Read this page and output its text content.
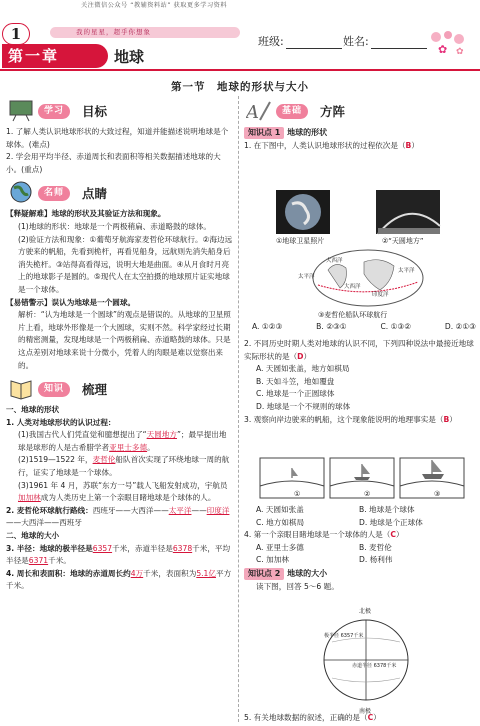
关注微信公众号 “教辅资料站” 获取更多学习资料
1	我的星星，超乎你想象
班级:	姓名:
✿ ✿
第一章	地球
第一节　地球的形状与大小
学习	目标

1. 了解人类认识地球形状的大致过程，知道并能描述说明地球是个球体。(难点)

2. 学会用平均半径、赤道周长和表面积等相关数据描述地球的大小。(重点)

名师	点睛

【释疑解难】地球的形状及其验证方法和现象。

(1)地球的形状：地球是一个两极稍扁、赤道略鼓的球体。

(2)验证方法和现象：①葡萄牙航海家麦哲伦环球航行。②海边远方驶来的帆船，先看到桅杆，再看见船身，远航则先消失船身后消失桅杆。③站得高看得远，说明大地是曲面。④从月食时月亮上的地球影子是圆的。⑤现代人在太空拍摄的地球照片证实地球是一个球体。

【易错警示】误认为地球是一个圆球。

解析：“认为地球是一个圆球”的观点是错误的。从地球的卫星照片上看，地球外形像是一个大圆球，实则不然。科学家经过长期的精密测量，发现地球是一个两极稍扁、赤道略鼓的球体。只是这点差别对地球来说十分微小，凭着人的肉眼是难以觉察出来的。

知识	梳理

一、地球的形状

1. 人类对地球形状的认识过程：

(1)我国古代人们凭直觉和臆想提出了“天圆地方”；最早提出地球是球形的人是古希腊学者亚里士多德。

(2)1519—1522 年，麦哲伦船队首次实现了环绕地球一周的航行，证实了地球是一个球体。

(3)1961 年 4 月，苏联“东方一号”载人飞船发射成功，宇航员加加林成为人类历史上第一个亲眼目睹地球是个球体的人。

2. 麦哲伦环球航行路线：西班牙——大西洋——太平洋——印度洋——大西洋——西班牙

二、地球的大小

3. 半径：地球的极半径是6357千米，赤道半径是6378千米，平均半径是6371千米。

4. 周长和表面积：地球的赤道周长约4万千米，表面积为5.1亿平方千米。

A	基础	方阵
知识点 1 地球的形状

1. 在下图中，人类认识地球形状的过程依次是（B）

①地球卫星照片	②“天圆地方”
大西洋
太平洋
印度洋
大西洋
太平洋
③麦哲伦船队环球航行
A. ①②③	B. ②③①	C. ①③②	D. ②①③

2. 不同历史时期人类对地球的认识不同，下列四种说法中最接近地球实际形状的是（D）

A. 天圆如张盖，地方如棋局

B. 天如斗笠，地如覆盘

C. 地球是一个正圆球体

D. 地球是一个不规则的球体

3. 观察向岸边驶来的帆船，这个现象能说明的地理事实是（B）

①	②	③

A. 天圆如张盖	B. 地球是个球体

C. 地方如棋局	D. 地球是个正球体

4. 第一个亲眼目睹地球是一个球体的人是（C）

A. 亚里士多德	B. 麦哲伦

C. 加加林	D. 杨利伟

知识点 2 地球的大小

读下图，回答 5～6 题。

北极
南极
赤道半径 6378千米
极半径 6357千米

5. 有关地球数据的叙述，正确的是（C）
